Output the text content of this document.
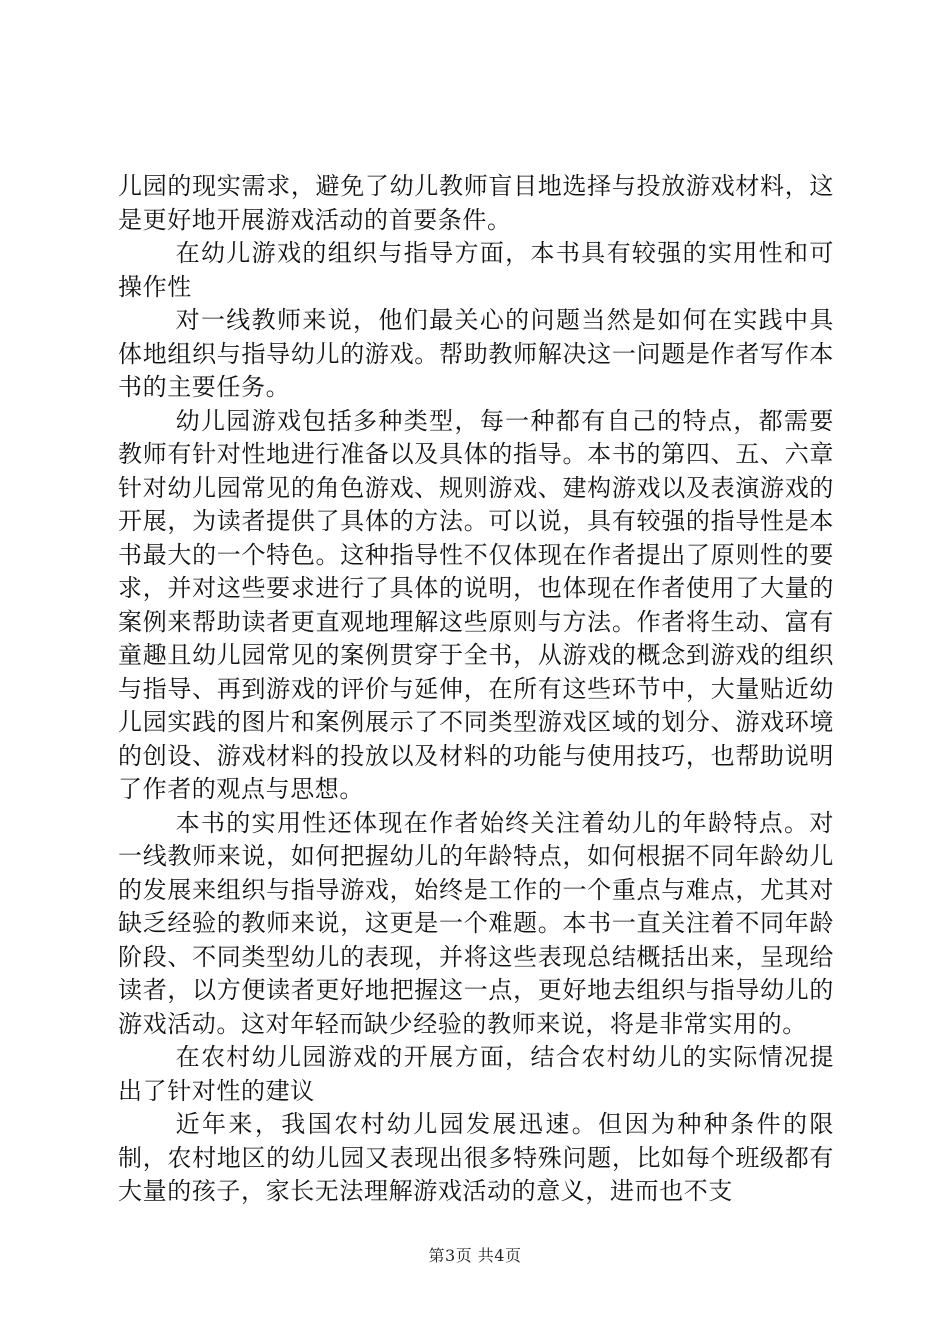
儿园的现实需求，避免了幼儿教师盲目地选择与投放游戏材料，这是更好地开展游戏活动的首要条件。

在幼儿游戏的组织与指导方面，本书具有较强的实用性和可操作性

对一线教师来说，他们最关心的问题当然是如何在实践中具体地组织与指导幼儿的游戏。帮助教师解决这一问题是作者写作本书的主要任务。

幼儿园游戏包括多种类型，每一种都有自己的特点，都需要教师有针对性地进行准备以及具体的指导。本书的第四、五、六章针对幼儿园常见的角色游戏、规则游戏、建构游戏以及表演游戏的开展，为读者提供了具体的方法。可以说，具有较强的指导性是本书最大的一个特色。这种指导性不仅体现在作者提出了原则性的要求，并对这些要求进行了具体的说明，也体现在作者使用了大量的案例来帮助读者更直观地理解这些原则与方法。作者将生动、富有童趣且幼儿园常见的案例贯穿于全书，从游戏的概念到游戏的组织与指导、再到游戏的评价与延伸，在所有这些环节中，大量贴近幼儿园实践的图片和案例展示了不同类型游戏区域的划分、游戏环境的创设、游戏材料的投放以及材料的功能与使用技巧，也帮助说明了作者的观点与思想。

本书的实用性还体现在作者始终关注着幼儿的年龄特点。对一线教师来说，如何把握幼儿的年龄特点，如何根据不同年龄幼儿的发展来组织与指导游戏，始终是工作的一个重点与难点，尤其对缺乏经验的教师来说，这更是一个难题。本书一直关注着不同年龄阶段、不同类型幼儿的表现，并将这些表现总结概括出来，呈现给读者，以方便读者更好地把握这一点，更好地去组织与指导幼儿的游戏活动。这对年轻而缺少经验的教师来说，将是非常实用的。

在农村幼儿园游戏的开展方面，结合农村幼儿的实际情况提出了针对性的建议

近年来，我国农村幼儿园发展迅速。但因为种种条件的限制，农村地区的幼儿园又表现出很多特殊问题，比如每个班级都有大量的孩子，家长无法理解游戏活动的意义，进而也不支

第3页 共4页
